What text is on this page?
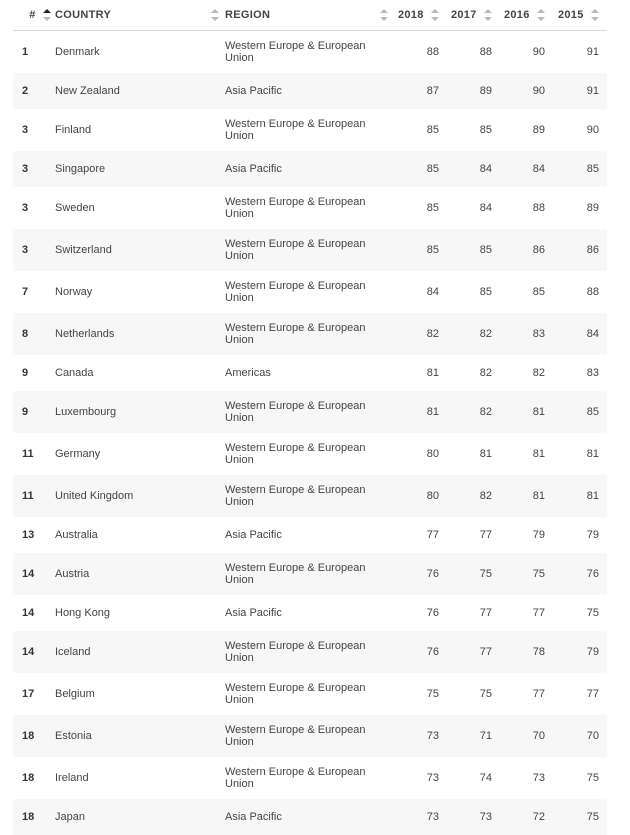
#	COUNTRY	REGION	2018	2017	2016	2015

1	Denmark	Western Europe & European Union	88	88	90	91
2	New Zealand	Asia Pacific	87	89	90	91
3	Finland	Western Europe & European Union	85	85	89	90
3	Singapore	Asia Pacific	85	84	84	85
3	Sweden	Western Europe & European Union	85	84	88	89
3	Switzerland	Western Europe & European Union	85	85	86	86
7	Norway	Western Europe & European Union	84	85	85	88
8	Netherlands	Western Europe & European Union	82	82	83	84
9	Canada	Americas	81	82	82	83
9	Luxembourg	Western Europe & European Union	81	82	81	85
11	Germany	Western Europe & European Union	80	81	81	81
11	United Kingdom	Western Europe & European Union	80	82	81	81
13	Australia	Asia Pacific	77	77	79	79
14	Austria	Western Europe & European Union	76	75	75	76
14	Hong Kong	Asia Pacific	76	77	77	75
14	Iceland	Western Europe & European Union	76	77	78	79
17	Belgium	Western Europe & European Union	75	75	77	77
18	Estonia	Western Europe & European Union	73	71	70	70
18	Ireland	Western Europe & European Union	73	74	73	75
18	Japan	Asia Pacific	73	73	72	75
